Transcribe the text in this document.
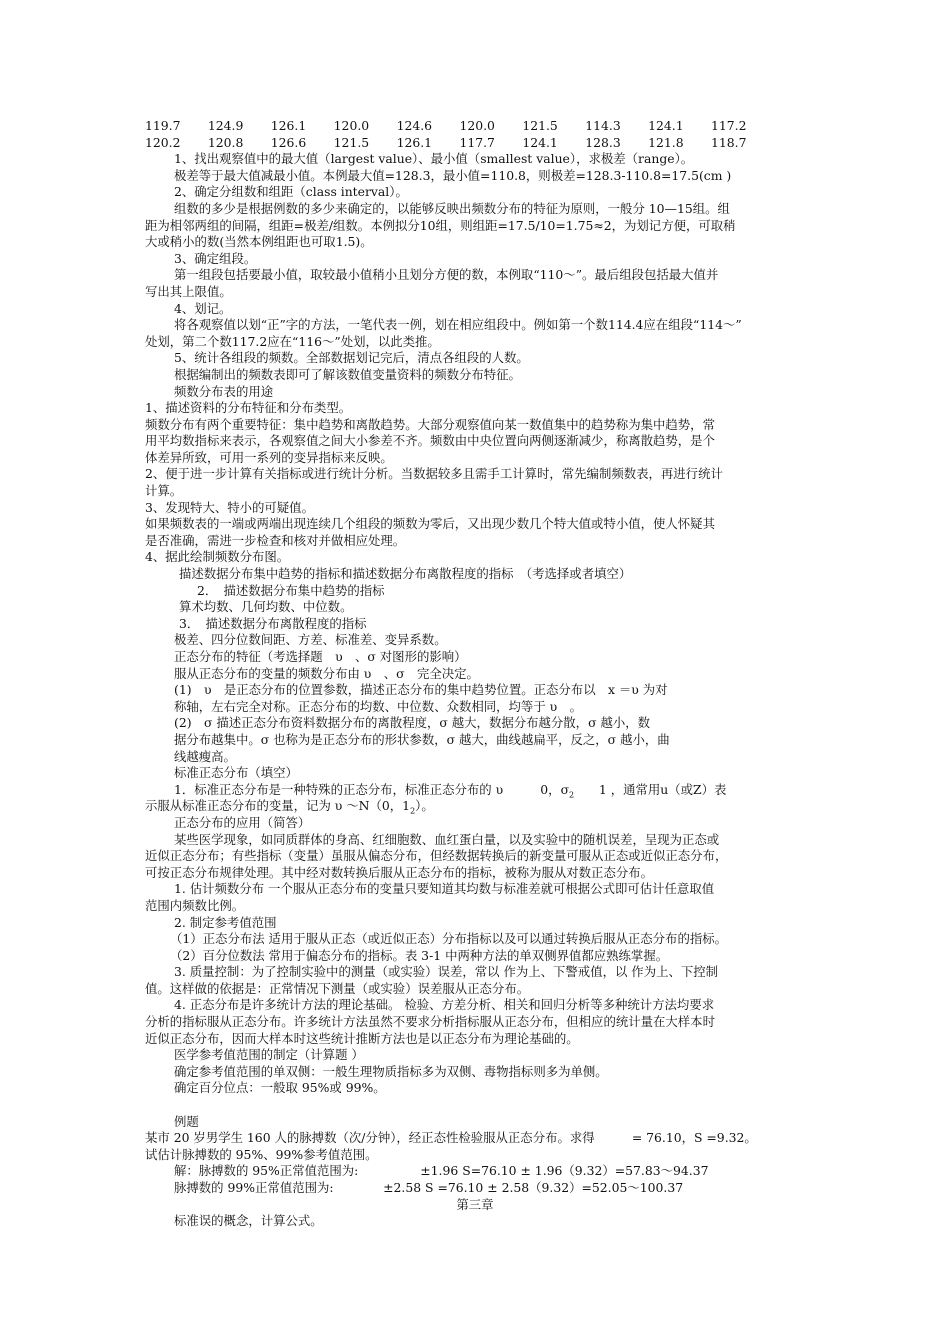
119.7	124.9	126.1	120.0	124.6	120.0	121.5	114.3	124.1	117.2
120.2	120.8	126.6	121.5	126.1	117.7	124.1	128.3	121.8	118.7
1、找出观察值中的最大值（largest value）、最小值（smallest value），求极差（range）。
极差等于最大值减最小值。本例最大值=128.3，最小值=110.8，则极差=128.3-110.8=17.5(cm )
2、确定分组数和组距（class interval）。
组数的多少是根据例数的多少来确定的，以能够反映出频数分布的特征为原则，一般分 10—15组。组
距为相邻两组的间隔，组距=极差/组数。本例拟分10组，则组距=17.5/10=1.75≈2，为划记方便，可取稍
大或稍小的数(当然本例组距也可取1.5)。
3、确定组段。
第一组段包括要最小值，取较最小值稍小且划分方便的数，本例取“110～”。最后组段包括最大值并
写出其上限值。
4、划记。
将各观察值以划“正”字的方法，一笔代表一例，划在相应组段中。例如第一个数114.4应在组段“114～”
处划，第二个数117.2应在“116～”处划，以此类推。
5、统计各组段的频数。全部数据划记完后，清点各组段的人数。
根据编制出的频数表即可了解该数值变量资料的频数分布特征。
频数分布表的用途
1、描述资料的分布特征和分布类型。
频数分布有两个重要特征：集中趋势和离散趋势。大部分观察值向某一数值集中的趋势称为集中趋势，常
用平均数指标来表示，各观察值之间大小参差不齐。频数由中央位置向两侧逐渐减少，称离散趋势，是个
体差异所致，可用一系列的变异指标来反映。
2、便于进一步计算有关指标或进行统计分析。当数据较多且需手工计算时，常先编制频数表，再进行统计
计算。
3、发现特大、特小的可疑值。
如果频数表的一端或两端出现连续几个组段的频数为零后，又出现少数几个特大值或特小值，使人怀疑其
是否准确，需进一步检查和核对并做相应处理。
4、据此绘制频数分布图。
描述数据分布集中趋势的指标和描述数据分布离散程度的指标　（考选择或者填空）
2．　描述数据分布集中趋势的指标
算术均数、几何均数、中位数。
3．　描述数据分布离散程度的指标
极差、四分位数间距、方差、标准差、变异系数。
正态分布的特征（考选择题　υ　、σ 对图形的影响）
服从正态分布的变量的频数分布由 υ　、σ　完全决定。
(1)　υ　是正态分布的位置参数，描述正态分布的集中趋势位置。正态分布以　x ＝υ 为对
称轴，左右完全对称。正态分布的均数、中位数、众数相同，均等于 υ　。
(2)　σ 描述正态分布资料数据分布的离散程度，σ 越大，数据分布越分散，σ 越小，数
据分布越集中。σ 也称为是正态分布的形状参数，σ 越大，曲线越扁平，反之，σ 越小，曲
线越瘦高。
标准正态分布（填空）
1．标准正态分布是一种特殊的正态分布，标准正态分布的 υ　　　0，$\sigma_2$　　1 ，通常用u（或Z）表
示服从标准正态分布的变量，记为 υ ～N（0，$1_2$）。
正态分布的应用（简答）
某些医学现象，如同质群体的身高、红细胞数、血红蛋白量，以及实验中的随机误差，呈现为正态或
近似正态分布；有些指标（变量）虽服从偏态分布，但经数据转换后的新变量可服从正态或近似正态分布，
可按正态分布规律处理。其中经对数转换后服从正态分布的指标，被称为服从对数正态分布。
1. 估计频数分布 一个服从正态分布的变量只要知道其均数与标准差就可根据公式即可估计任意取值
范围内频数比例。
2. 制定参考值范围
（1）正态分布法 适用于服从正态（或近似正态）分布指标以及可以通过转换后服从正态分布的指标。
（2）百分位数法 常用于偏态分布的指标。表 3-1 中两种方法的单双侧界值都应熟练掌握。
3. 质量控制：为了控制实验中的测量（或实验）误差，常以 作为上、下警戒值，以 作为上、下控制
值。这样做的依据是：正常情况下测量（或实验）误差服从正态分布。
4. 正态分布是许多统计方法的理论基础。 检验、方差分析、相关和回归分析等多种统计方法均要求
分析的指标服从正态分布。许多统计方法虽然不要求分析指标服从正态分布，但相应的统计量在大样本时
近似正态分布，因而大样本时这些统计推断方法也是以正态分布为理论基础的。
医学参考值范围的制定（计算题 ）
确定参考值范围的单双侧：一般生理物质指标多为双侧、毒物指标则多为单侧。
确定百分位点：一般取 95%或 99%。
例题
某市 20 岁男学生 160 人的脉搏数（次/分钟），经正态性检验服从正态分布。求得　　　= 76.10，S =9.32。
试估计脉搏数的 95%、99%参考值范围。
解：脉搏数的 95%正常值范围为:　　　　　±1.96 S=76.10 ± 1.96（9.32）=57.83～94.37
脉搏数的 99%正常值范围为:　　　　±2.58 S =76.10 ± 2.58（9.32）=52.05～100.37
第三章
标准误的概念，计算公式。
